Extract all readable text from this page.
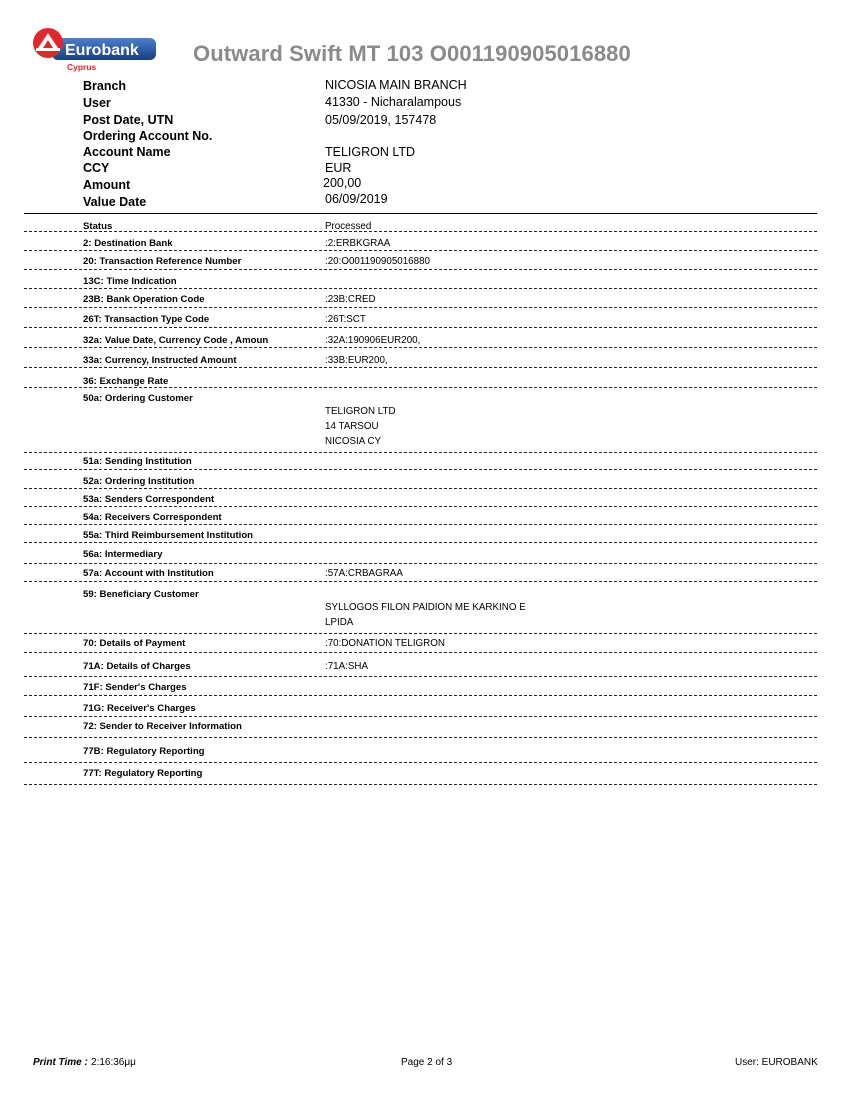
Eurobank
Cyprus
Outward Swift MT 103 O001190905016880
Branch	NICOSIA MAIN BRANCH
User	41330 - Nicharalampous
Post Date, UTN	05/09/2019, 157478
Ordering Account No.
Account Name	TELIGRON LTD
CCY	EUR
Amount	200,00
Value Date	06/09/2019
Status	Processed
2: Destination Bank	:2:ERBKGRAA
20: Transaction Reference Number	:20:O001190905016880
13C: Time Indication
23B: Bank Operation Code	:23B:CRED
26T: Transaction Type Code	:26T:SCT
32a: Value Date, Currency Code , Amoun	:32A:190906EUR200,
33a: Currency, Instructed Amount	:33B:EUR200,
36: Exchange Rate
50a: Ordering Customer
TELIGRON LTD
14 TARSOU
NICOSIA CY
51a: Sending Institution
52a: Ordering Institution
53a: Senders Correspondent
54a: Receivers Correspondent
55a: Third Reimbursement Institution
56a: Intermediary
57a: Account with Institution	:57A:CRBAGRAA
59: Beneficiary Customer
SYLLOGOS FILON PAIDION ME KARKINO E
LPIDA
70: Details of Payment	:70:DONATION TELIGRON
71A: Details of Charges	:71A:SHA
71F: Sender's Charges
71G: Receiver's Charges
72: Sender to Receiver Information
77B: Regulatory Reporting
77T: Regulatory Reporting
Print Time : 2:16:36μμ	Page 2 of 3	User: EUROBANK
